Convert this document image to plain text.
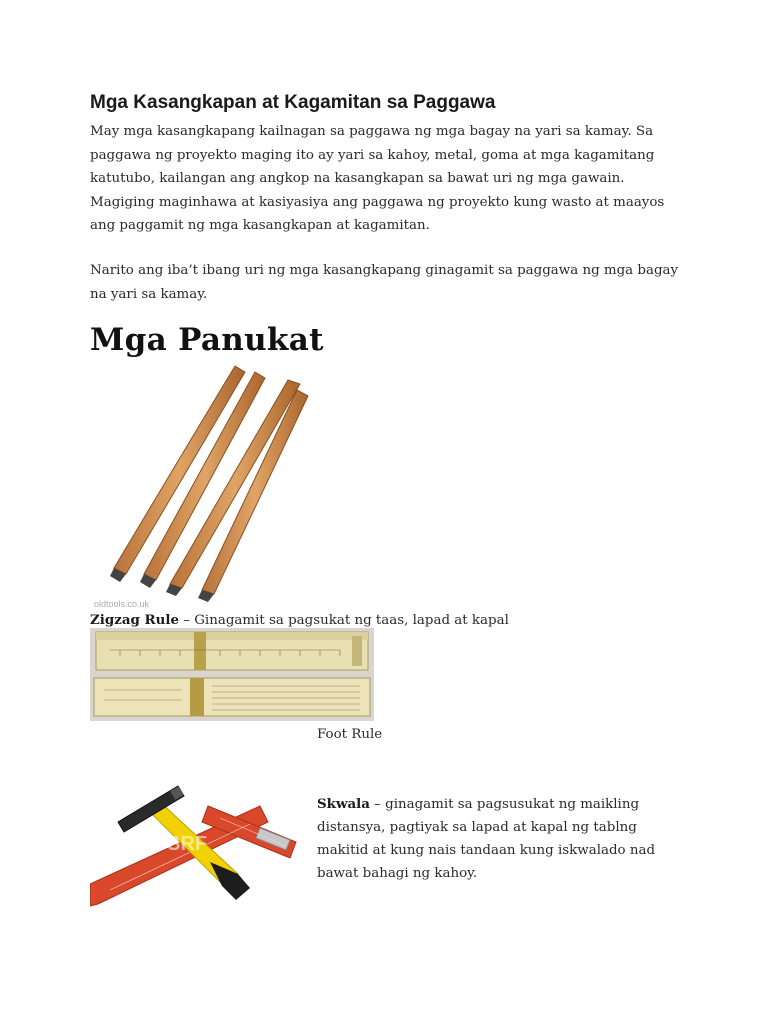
Mga Kasangkapan at Kagamitan sa Paggawa

May mga kasangkapang kailnagan sa paggawa ng mga bagay na yari sa kamay. Sa paggawa ng proyekto maging ito ay yari sa kahoy, metal, goma at mga kagamitang katutubo, kailangan ang angkop na kasangkapan sa bawat uri ng mga gawain. Magiging maginhawa at kasiyasiya ang paggawa ng proyekto kung wasto at maayos ang paggamit ng mga kasangkapan at kagamitan.

Narito ang iba’t ibang uri ng mga kasangkapang ginagamit sa paggawa ng mga bagay na yari sa kamay.

Mga Panukat
oldtools.co.uk

Zigzag Rule – Ginagamit sa pagsukat ng taas, lapad at kapal

Foot Rule

C·SRF

Skwala – ginagamit sa pagsusukat ng maikling distansya, pagtiyak sa lapad at kapal ng tablng makitid at kung nais tandaan kung iskwalado nad bawat bahagi ng kahoy.
